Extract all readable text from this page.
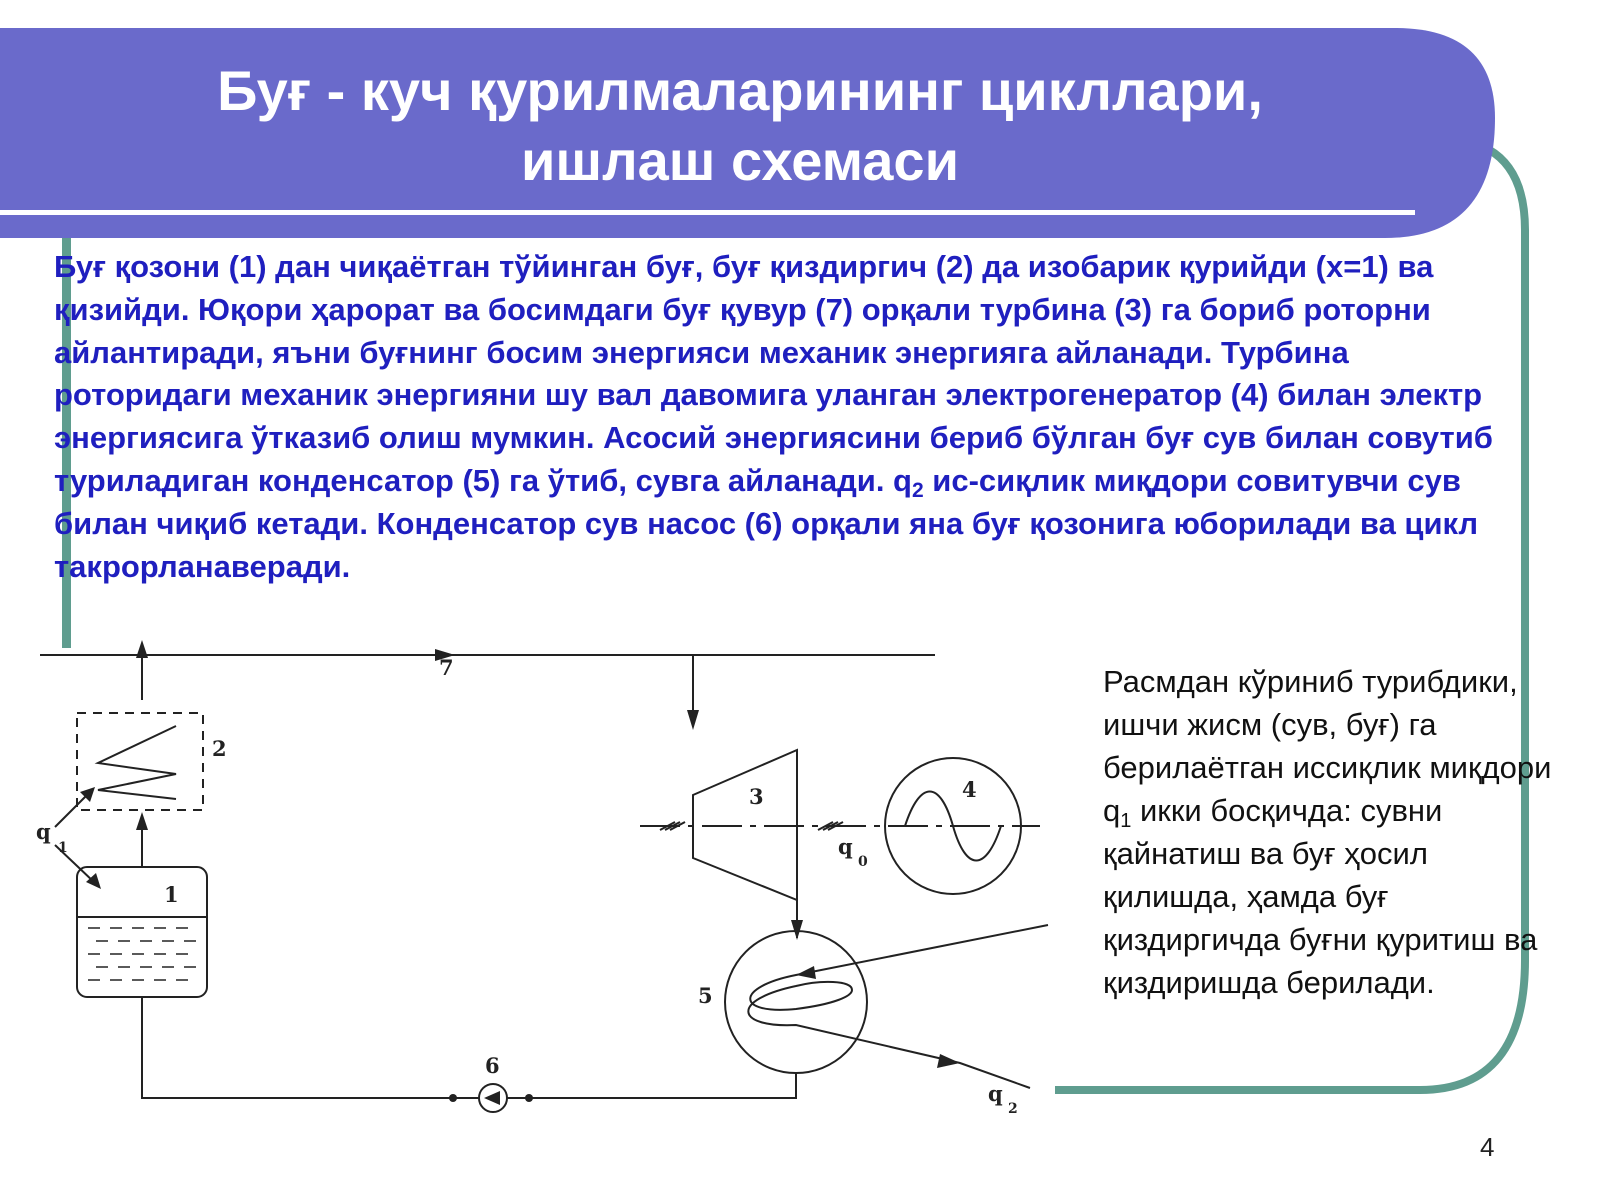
Буғ - куч қурилмаларининг цикллари,
ишлаш схемаси
Буғ қозони (1) дан чиқаётган тўйинган буғ, буғ қиздиргич (2) да изобарик қурийди (x=1) ва қизийди. Юқори ҳарорат ва босимдаги буғ қувур (7) орқали турбина (3) га бориб роторни айлантиради, яъни буғнинг босим энергияси механик энергияга айланади. Турбина роторидаги механик энергияни шу вал давомига уланган электрогенератор (4) билан электр энергиясига ўтказиб олиш мумкин. Асосий энергиясини бериб бўлган буғ сув билан совутиб туриладиган конденсатор (5) га ўтиб, сувга айланади. $q_2$ ис-сиқлик миқдори совитувчи сув билан чиқиб кетади. Конденсатор сув насос (6) орқали яна буғ қозонига юборилади ва цикл такрорланаверади.
1
2
3	4
5
6
7
q
1	q
0
q
2
Расмдан кўриниб турибдики, ишчи жисм (сув, буғ) га берилаётган иссиқлик миқдори $q_1$ икки босқичда: сувни қайнатиш ва буғ ҳосил қилишда, ҳамда буғ қиздиргичда буғни қуритиш ва қиздиришда берилади.
4
